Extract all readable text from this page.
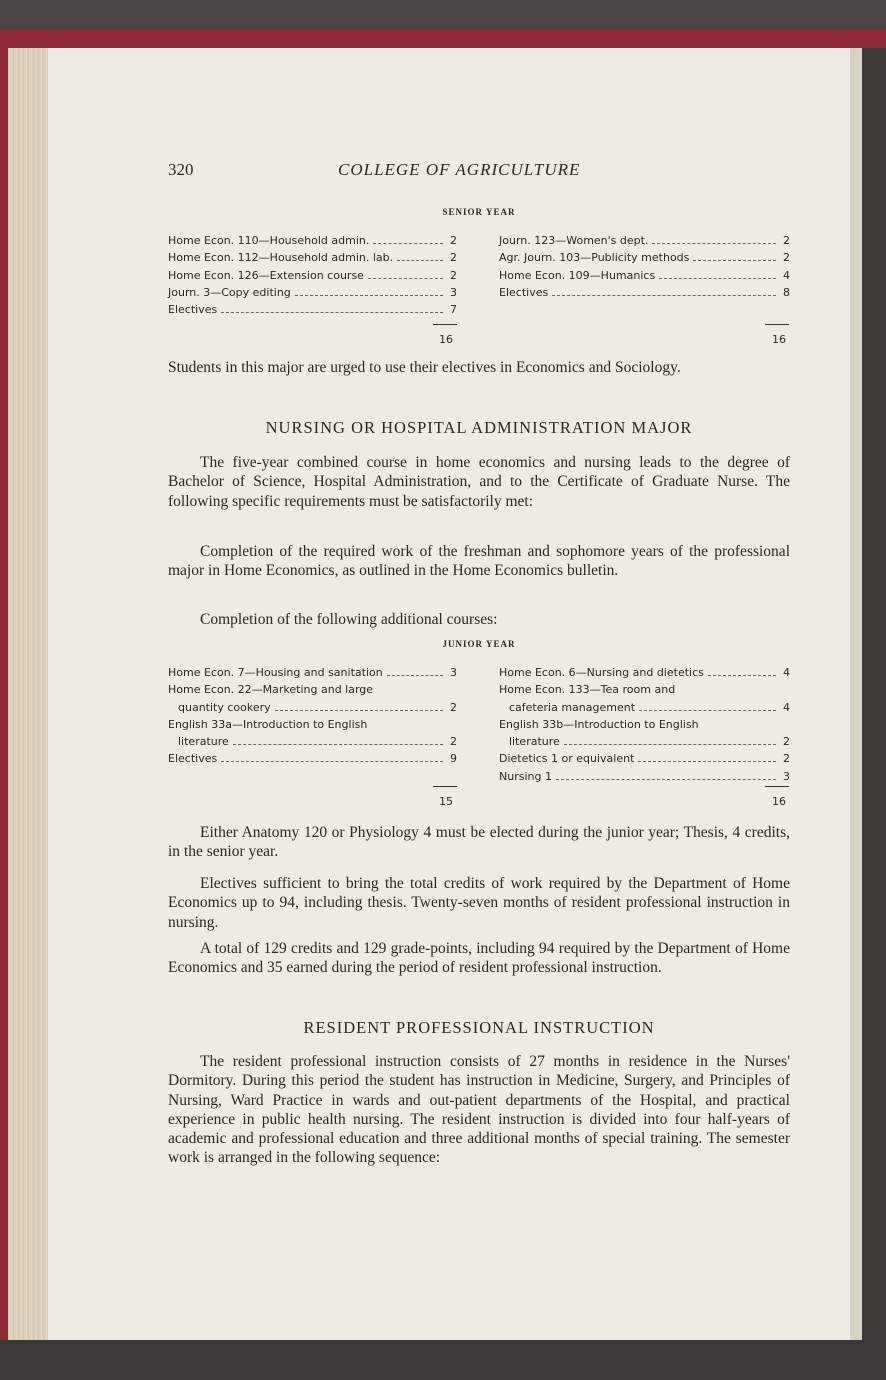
320	COLLEGE OF AGRICULTURE
SENIOR YEAR
Home Econ. 110—Household admin.	2
Home Econ. 112—Household admin. lab.	2
Home Econ. 126—Extension course	2
Journ. 3—Copy editing	3
Electives	7
Journ. 123—Women's dept.	2
Agr. Journ. 103—Publicity methods	2
Home Econ. 109—Humanics	4
Electives	8
16	16

Students in this major are urged to use their electives in Economics and Sociology.

NURSING OR HOSPITAL ADMINISTRATION MAJOR

The five-year combined course in home economics and nursing leads to the degree of Bachelor of Science, Hospital Administration, and to the Certificate of Graduate Nurse. The following specific requirements must be satisfactorily met:

Completion of the required work of the freshman and sophomore years of the professional major in Home Economics, as outlined in the Home Economics bulletin.

Completion of the following additional courses:

JUNIOR YEAR
Home Econ. 7—Housing and sanitation	3
Home Econ. 22—Marketing and large
quantity cookery	2
English 33a—Introduction to English
literature	2
Electives	9
Home Econ. 6—Nursing and dietetics	4
Home Econ. 133—Tea room and
cafeteria management	4
English 33b—Introduction to English
literature	2
Dietetics 1 or equivalent	2
Nursing 1	3
15	16

Either Anatomy 120 or Physiology 4 must be elected during the junior year; Thesis, 4 credits, in the senior year.

Electives sufficient to bring the total credits of work required by the Department of Home Economics up to 94, including thesis. Twenty-seven months of resident professional instruction in nursing.

A total of 129 credits and 129 grade-points, including 94 required by the Department of Home Economics and 35 earned during the period of resident professional instruction.

RESIDENT PROFESSIONAL INSTRUCTION

The resident professional instruction consists of 27 months in residence in the Nurses' Dormitory. During this period the student has instruction in Medicine, Surgery, and Principles of Nursing, Ward Practice in wards and out-patient departments of the Hospital, and practical experience in public health nursing. The resident instruction is divided into four half-years of academic and professional education and three additional months of special training. The semester work is arranged in the following sequence:
